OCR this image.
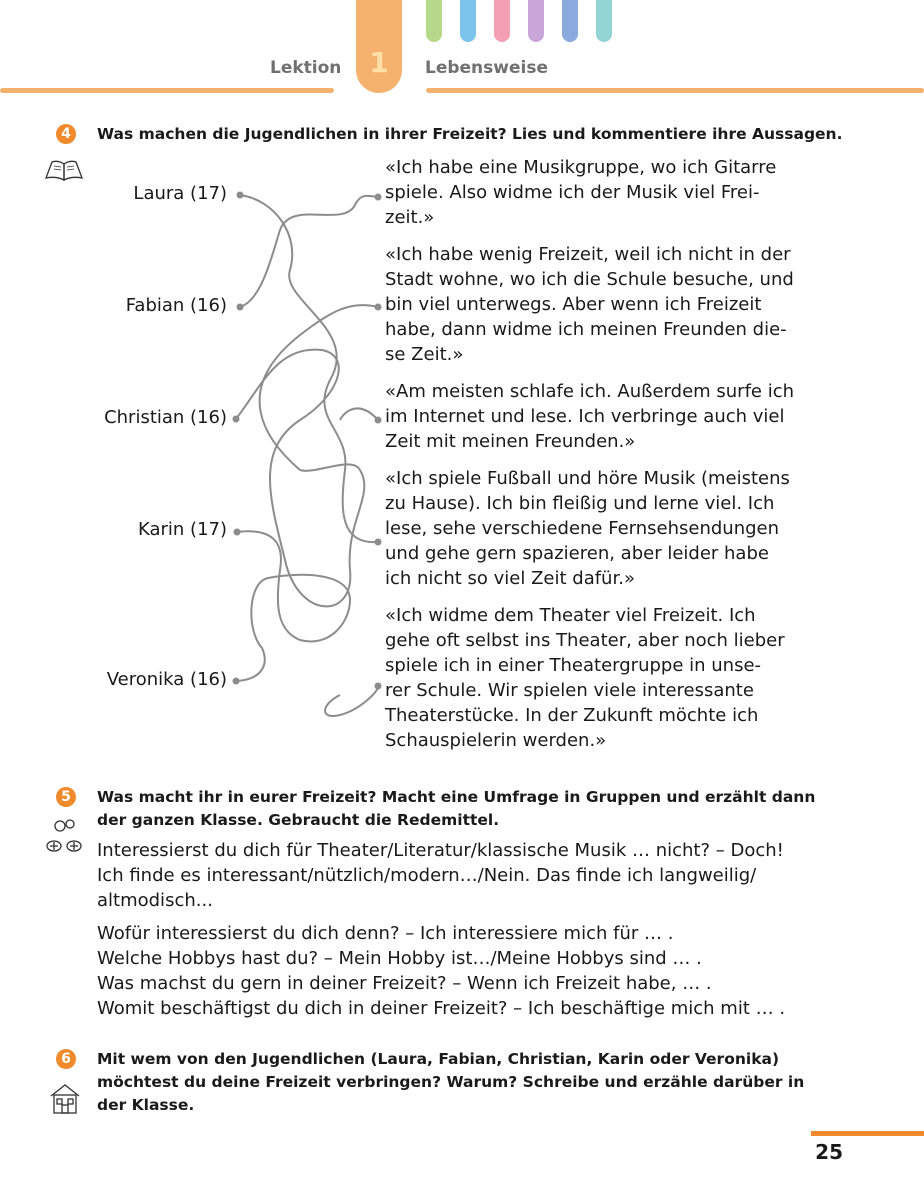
Lektion 1	Lebensweise
4	Was machen die Jugendlichen in ihrer Freizeit? Lies und kommentiere ihre Aussagen.
Laura (17)
Fabian (16)
Christian (16)
Karin (17)
Veronika (16)
«Ich habe eine Musikgruppe, wo ich Gitarre
spiele. Also widme ich der Musik viel Frei-
zeit.»
«Ich habe wenig Freizeit, weil ich nicht in der
Stadt wohne, wo ich die Schule besuche, und
bin viel unterwegs. Aber wenn ich Freizeit
habe, dann widme ich meinen Freunden die-
se Zeit.»
«Am meisten schlafe ich. Außerdem surfe ich
im Internet und lese. Ich verbringe auch viel
Zeit mit meinen Freunden.»
«Ich spiele Fußball und höre Musik (meistens
zu Hause). Ich bin fleißig und lerne viel. Ich
lese, sehe verschiedene Fernsehsendungen
und gehe gern spazieren, aber leider habe
ich nicht so viel Zeit dafür.»
«Ich widme dem Theater viel Freizeit. Ich
gehe oft selbst ins Theater, aber noch lieber
spiele ich in einer Theatergruppe in unse-
rer Schule. Wir spielen viele interessante
Theaterstücke. In der Zukunft möchte ich
Schauspielerin werden.»
5	Was macht ihr in eurer Freizeit? Macht eine Umfrage in Gruppen und erzählt dann
der ganzen Klasse. Gebraucht die Redemittel.
Interessierst du dich für Theater/Literatur/klassische Musik … nicht? – Doch!
Ich finde es interessant/nützlich/modern…/Nein. Das finde ich langweilig/
altmodisch...
Wofür interessierst du dich denn? – Ich interessiere mich für … .
Welche Hobbys hast du? – Mein Hobby ist…/Meine Hobbys sind … .
Was machst du gern in deiner Freizeit? – Wenn ich Freizeit habe, … .
Womit beschäftigst du dich in deiner Freizeit? – Ich beschäftige mich mit … .
6	Mit wem von den Jugendlichen (Laura, Fabian, Christian, Karin oder Veronika)
möchtest du deine Freizeit verbringen? Warum? Schreibe und erzähle darüber in
der Klasse.
25
